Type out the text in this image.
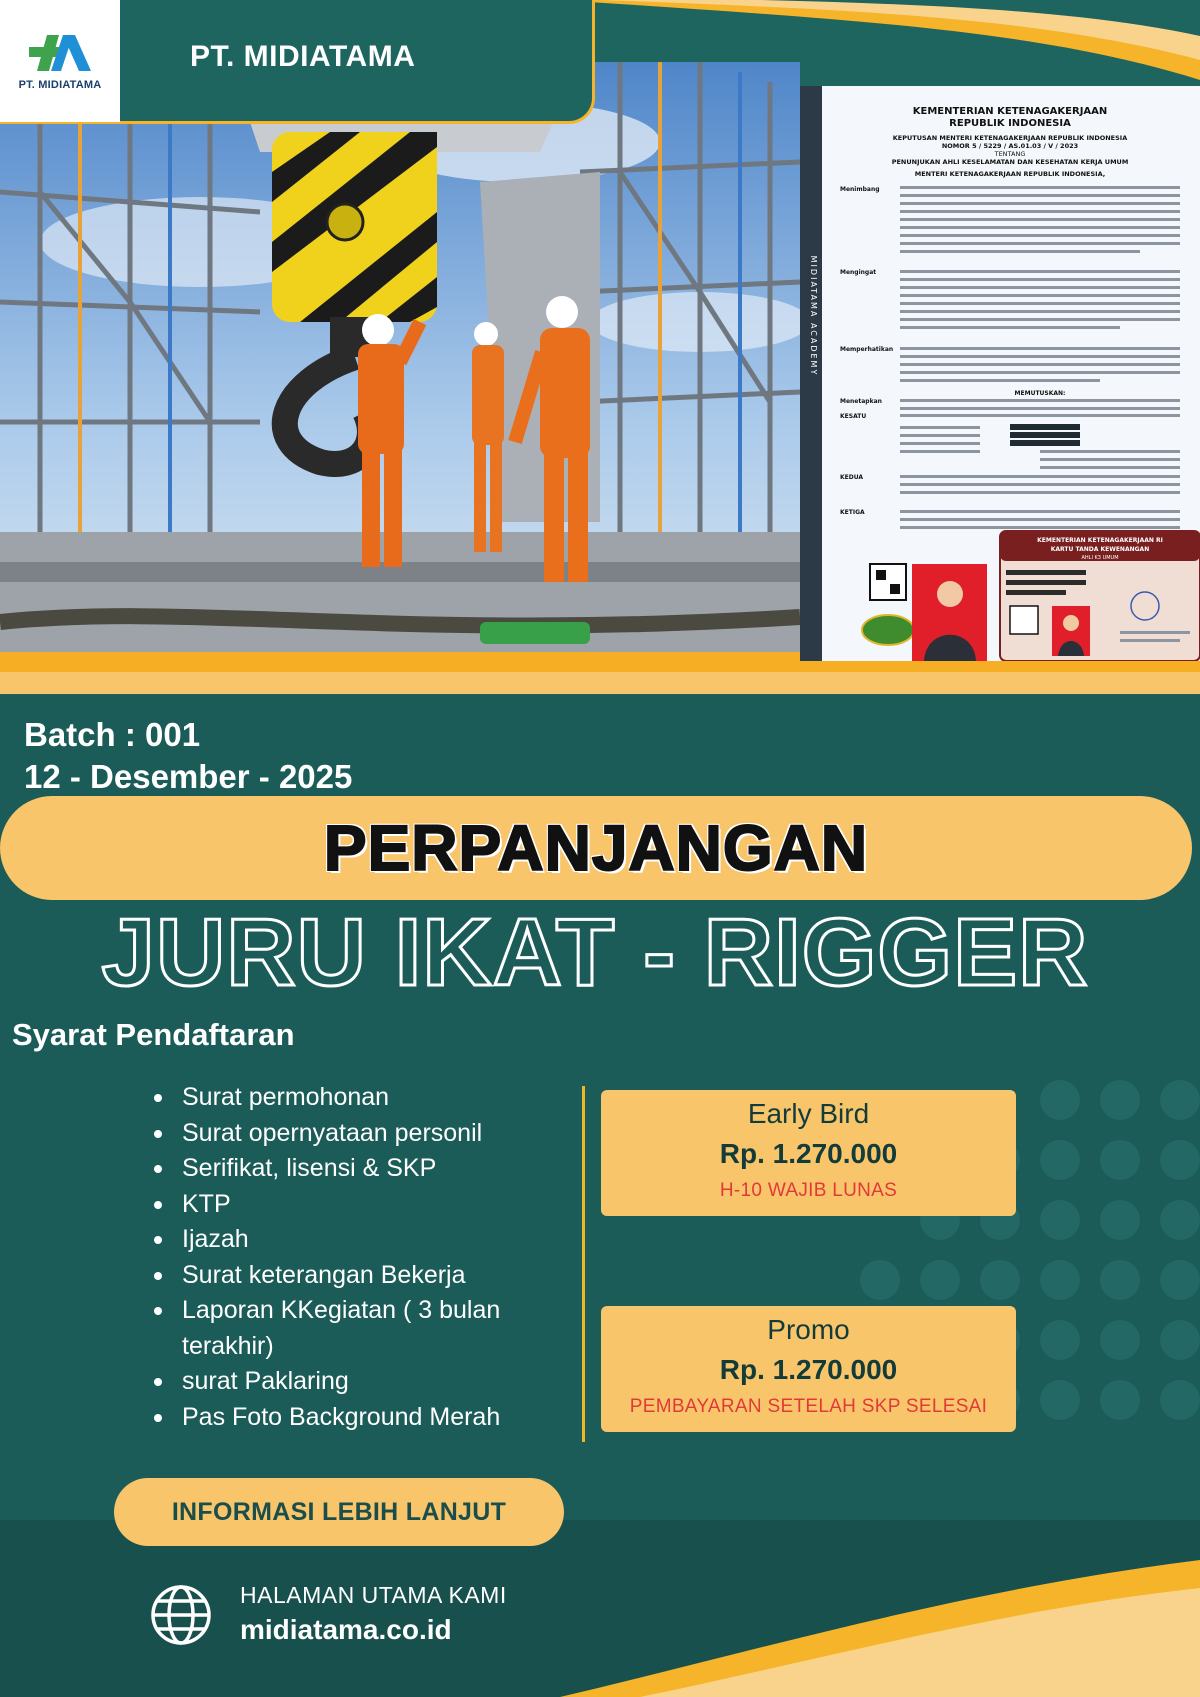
MIDIATAMA ACADEMY
KEMENTERIAN KETENAGAKERJAAN
REPUBLIK INDONESIA
KEPUTUSAN MENTERI KETENAGAKERJAAN REPUBLIK INDONESIA
NOMOR 5 / 5229 / AS.01.03 / V / 2023
TENTANG
PENUNJUKAN AHLI KESELAMATAN DAN KESEHATAN KERJA UMUM
MENTERI KETENAGAKERJAAN REPUBLIK INDONESIA,
Menimbang
Mengingat
Memperhatikan
Menetapkan
KESATU
KEDUA
KETIGA
MEMUTUSKAN:
KEMENTERIAN KETENAGAKERJAAN RI
KARTU TANDA KEWENANGAN
AHLI K3 UMUM
PT. MIDIATAMA
PT. MIDIATAMA
Batch : 001
12 - Desember - 2025
PERPANJANGAN
JURU IKAT - RIGGER
Syarat Pendaftaran
Surat permohonan
Surat opernyataan personil
Serifikat, lisensi & SKP
KTP
Ijazah
Surat keterangan Bekerja
Laporan KKegiatan ( 3 bulan terakhir)
surat Paklaring
Pas Foto Background Merah
Early Bird
Rp. 1.270.000
H-10 WAJIB LUNAS
Promo
Rp. 1.270.000
PEMBAYARAN SETELAH SKP SELESAI
INFORMASI LEBIH LANJUT
HALAMAN UTAMA KAMI
midiatama.co.id
